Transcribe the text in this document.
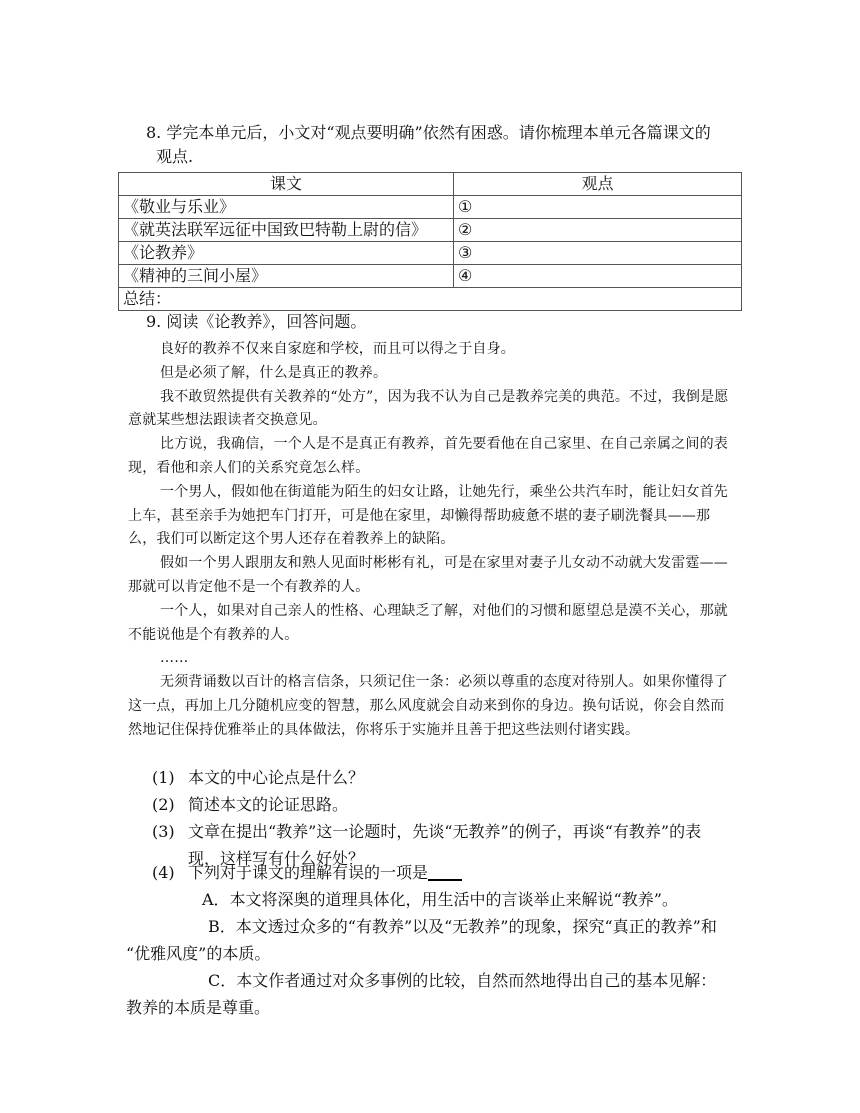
8. 学完本单元后，小文对“观点要明确”依然有困惑。请你梳理本单元各篇课文的
观点.
课文	观点
《敬业与乐业》	①
《就英法联军远征中国致巴特勒上尉的信》	②
《论教养》	③
《精神的三间小屋》	④
总结：	
9. 阅读《论教养》，回答问题。

良好的教养不仅来自家庭和学校，而且可以得之于自身。

但是必须了解，什么是真正的教养。

我不敢贸然提供有关教养的“处方”，因为我不认为自己是教养完美的典范。不过，我倒是愿意就某些想法跟读者交换意见。

比方说，我确信，一个人是不是真正有教养，首先要看他在自己家里、在自己亲属之间的表现，看他和亲人们的关系究竟怎么样。

一个男人，假如他在街道能为陌生的妇女让路，让她先行，乘坐公共汽车时，能让妇女首先上车，甚至亲手为她把车门打开，可是他在家里，却懒得帮助疲惫不堪的妻子刷洗餐具——那么，我们可以断定这个男人还存在着教养上的缺陷。

假如一个男人跟朋友和熟人见面时彬彬有礼，可是在家里对妻子儿女动不动就大发雷霆——那就可以肯定他不是一个有教养的人。

一个人，如果对自己亲人的性格、心理缺乏了解，对他们的习惯和愿望总是漠不关心，那就不能说他是个有教养的人。

……

无须背诵数以百计的格言信条，只须记住一条：必须以尊重的态度对待别人。如果你懂得了这一点，再加上几分随机应变的智慧，那么风度就会自动来到你的身边。换句话说，你会自然而然地记住保持优雅举止的具体做法，你将乐于实施并且善于把这些法则付诸实践。

(1) 本文的中心论点是什么？
(2) 简述本文的论证思路。
(3) 文章在提出“教养”这一论题时，先谈“无教养”的例子，再谈“有教养”的表
现，这样写有什么好处？
(4) 下列对于课文的理解有误的一项是
A．本文将深奥的道理具体化，用生活中的言谈举止来解说“教养”。
B．本文透过众多的“有教养”以及“无教养”的现象，探究“真正的教养”和
“优雅风度”的本质。
C．本文作者通过对众多事例的比较，自然而然地得出自己的基本见解：
教养的本质是尊重。
